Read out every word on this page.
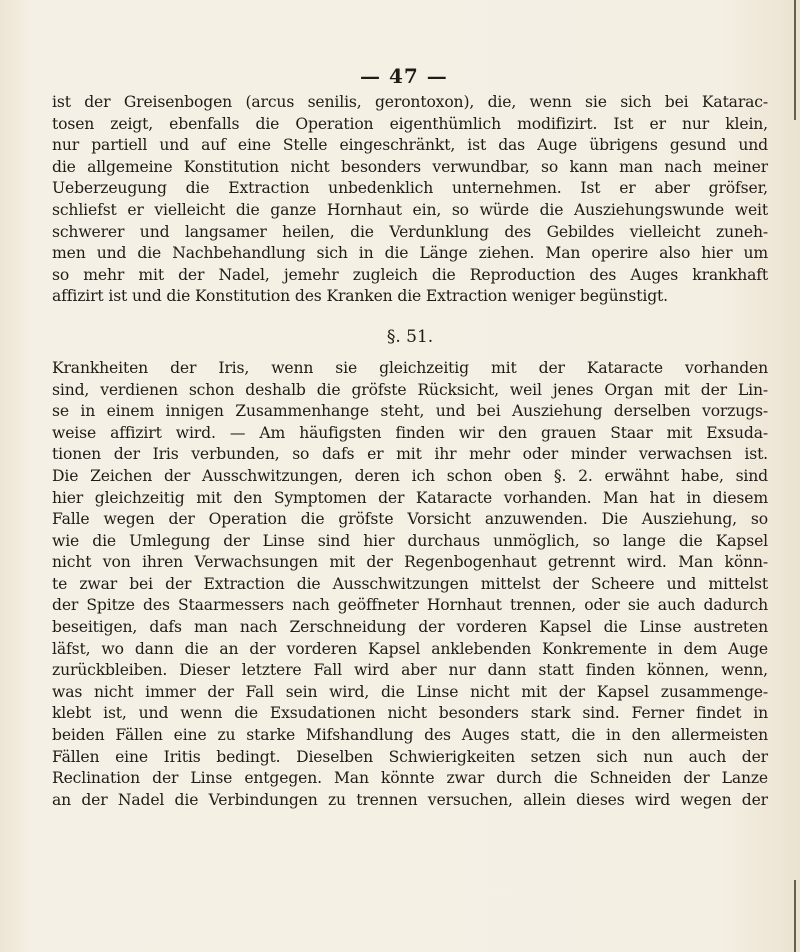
— 47 —
ist der Greisenbogen (arcus senilis, gerontoxon), die, wenn sie sich bei Katarac-
tosen zeigt, ebenfalls die Operation eigenthümlich modifizirt. Ist er nur klein,
nur partiell und auf eine Stelle eingeschränkt, ist das Auge übrigens gesund und
die allgemeine Konstitution nicht besonders verwundbar, so kann man nach meiner
Ueberzeugung die Extraction unbedenklich unternehmen. Ist er aber gröfser,
schliefst er vielleicht die ganze Hornhaut ein, so würde die Ausziehungswunde weit
schwerer und langsamer heilen, die Verdunklung des Gebildes vielleicht zuneh-
men und die Nachbehandlung sich in die Länge ziehen. Man operire also hier um
so mehr mit der Nadel, jemehr zugleich die Reproduction des Auges krankhaft
affizirt ist und die Konstitution des Kranken die Extraction weniger begünstigt.
§. 51.
Krankheiten der Iris, wenn sie gleichzeitig mit der Kataracte vorhanden
sind, verdienen schon deshalb die gröfste Rücksicht, weil jenes Organ mit der Lin-
se in einem innigen Zusammenhange steht, und bei Ausziehung derselben vorzugs-
weise affizirt wird. — Am häufigsten finden wir den grauen Staar mit Exsuda-
tionen der Iris verbunden, so dafs er mit ihr mehr oder minder verwachsen ist.
Die Zeichen der Ausschwitzungen, deren ich schon oben §. 2. erwähnt habe, sind
hier gleichzeitig mit den Symptomen der Kataracte vorhanden. Man hat in diesem
Falle wegen der Operation die gröfste Vorsicht anzuwenden. Die Ausziehung, so
wie die Umlegung der Linse sind hier durchaus unmöglich, so lange die Kapsel
nicht von ihren Verwachsungen mit der Regenbogenhaut getrennt wird. Man könn-
te zwar bei der Extraction die Ausschwitzungen mittelst der Scheere und mittelst
der Spitze des Staarmessers nach geöffneter Hornhaut trennen, oder sie auch dadurch
beseitigen, dafs man nach Zerschneidung der vorderen Kapsel die Linse austreten
läfst, wo dann die an der vorderen Kapsel anklebenden Konkremente in dem Auge
zurückbleiben. Dieser letztere Fall wird aber nur dann statt finden können, wenn,
was nicht immer der Fall sein wird, die Linse nicht mit der Kapsel zusammenge-
klebt ist, und wenn die Exsudationen nicht besonders stark sind. Ferner findet in
beiden Fällen eine zu starke Mifshandlung des Auges statt, die in den allermeisten
Fällen eine Iritis bedingt. Dieselben Schwierigkeiten setzen sich nun auch der
Reclination der Linse entgegen. Man könnte zwar durch die Schneiden der Lanze
an der Nadel die Verbindungen zu trennen versuchen, allein dieses wird wegen der
